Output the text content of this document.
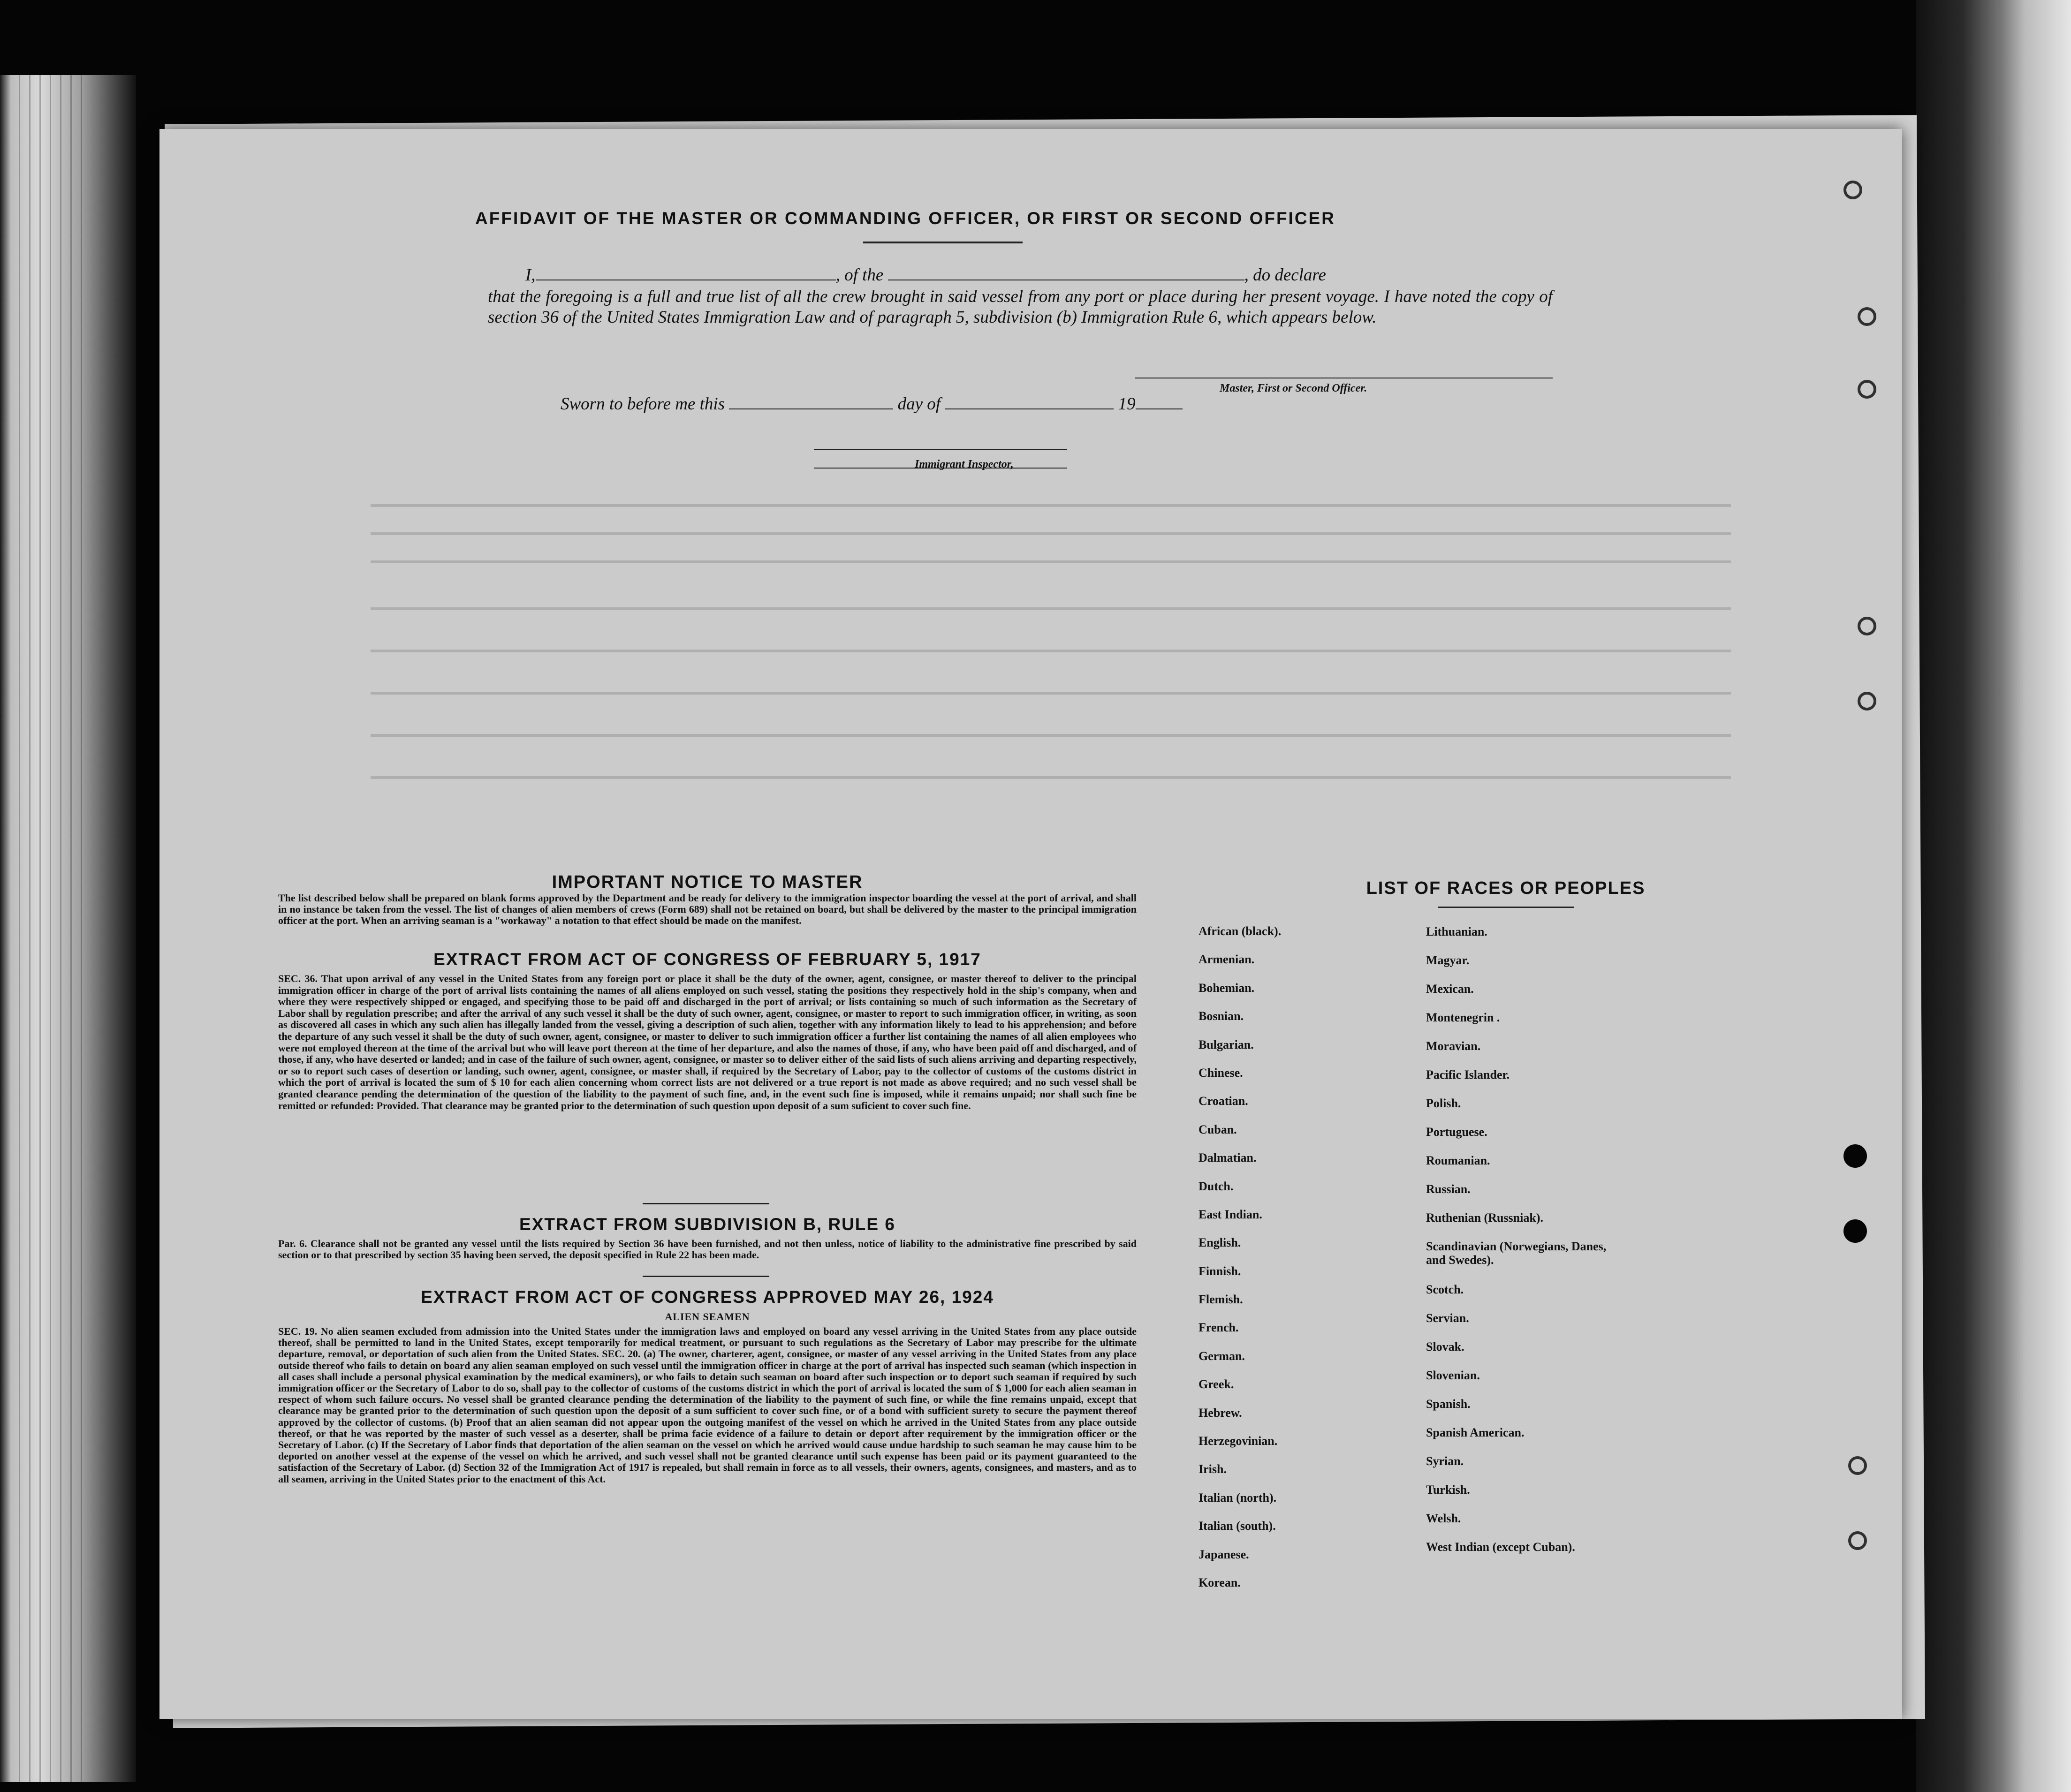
AFFIDAVIT OF THE MASTER OR COMMANDING OFFICER, OR FIRST OR SECOND OFFICER
I,	, of the	, do declare
that the foregoing is a full and true list of all the crew brought in said vessel from any port or place during her present voyage. I have noted the copy of section 36 of the United States Immigration Law and of paragraph 5, subdivision (b) Immigration Rule 6, which appears below.
Master, First or Second Officer.
Sworn to before me this	day of	19
Immigrant Inspector,
IMPORTANT NOTICE TO MASTER
The list described below shall be prepared on blank forms approved by the Department and be ready for delivery to the immigration inspector boarding the vessel at the port of arrival, and shall in no instance be taken from the vessel. The list of changes of alien members of crews (Form 689) shall not be retained on board, but shall be delivered by the master to the principal immigration officer at the port. When an arriving seaman is a "workaway" a notation to that effect should be made on the manifest.
EXTRACT FROM ACT OF CONGRESS OF FEBRUARY 5, 1917
SEC. 36. That upon arrival of any vessel in the United States from any foreign port or place it shall be the duty of the owner, agent, consignee, or master thereof to deliver to the principal immigration officer in charge of the port of arrival lists containing the names of all aliens employed on such vessel, stating the positions they respectively hold in the ship's company, when and where they were respectively shipped or engaged, and specifying those to be paid off and discharged in the port of arrival; or lists containing so much of such information as the Secretary of Labor shall by regulation prescribe; and after the arrival of any such vessel it shall be the duty of such owner, agent, consignee, or master to report to such immigration officer, in writing, as soon as discovered all cases in which any such alien has illegally landed from the vessel, giving a description of such alien, together with any information likely to lead to his apprehension; and before the departure of any such vessel it shall be the duty of such owner, agent, consignee, or master to deliver to such immigration officer a further list containing the names of all alien employees who were not employed thereon at the time of the arrival but who will leave port thereon at the time of her departure, and also the names of those, if any, who have been paid off and discharged, and of those, if any, who have deserted or landed; and in case of the failure of such owner, agent, consignee, or master so to deliver either of the said lists of such aliens arriving and departing respectively, or so to report such cases of desertion or landing, such owner, agent, consignee, or master shall, if required by the Secretary of Labor, pay to the collector of customs of the customs district in which the port of arrival is located the sum of $ 10 for each alien concerning whom correct lists are not delivered or a true report is not made as above required; and no such vessel shall be granted clearance pending the determination of the question of the liability to the payment of such fine, and, in the event such fine is imposed, while it remains unpaid; nor shall such fine be remitted or refunded: Provided. That clearance may be granted prior to the determination of such question upon deposit of a sum suficient to cover such fine.
EXTRACT FROM SUBDIVISION B, RULE 6
Par. 6. Clearance shall not be granted any vessel until the lists required by Section 36 have been furnished, and not then unless, notice of liability to the administrative fine prescribed by said section or to that prescribed by section 35 having been served, the deposit specified in Rule 22 has been made.
EXTRACT FROM ACT OF CONGRESS APPROVED MAY 26, 1924
ALIEN SEAMEN
SEC. 19. No alien seamen excluded from admission into the United States under the immigration laws and employed on board any vessel arriving in the United States from any place outside thereof, shall be permitted to land in the United States, except temporarily for medical treatment, or pursuant to such regulations as the Secretary of Labor may prescribe for the ultimate departure, removal, or deportation of such alien from the United States. SEC. 20. (a) The owner, charterer, agent, consignee, or master of any vessel arriving in the United States from any place outside thereof who fails to detain on board any alien seaman employed on such vessel until the immigration officer in charge at the port of arrival has inspected such seaman (which inspection in all cases shall include a personal physical examination by the medical examiners), or who fails to detain such seaman on board after such inspection or to deport such seaman if required by such immigration officer or the Secretary of Labor to do so, shall pay to the collector of customs of the customs district in which the port of arrival is located the sum of $ 1,000 for each alien seaman in respect of whom such failure occurs. No vessel shall be granted clearance pending the determination of the liability to the payment of such fine, or while the fine remains unpaid, except that clearance may be granted prior to the determination of such question upon the deposit of a sum sufficient to cover such fine, or of a bond with sufficient surety to secure the payment thereof approved by the collector of customs. (b) Proof that an alien seaman did not appear upon the outgoing manifest of the vessel on which he arrived in the United States from any place outside thereof, or that he was reported by the master of such vessel as a deserter, shall be prima facie evidence of a failure to detain or deport after requirement by the immigration officer or the Secretary of Labor. (c) If the Secretary of Labor finds that deportation of the alien seaman on the vessel on which he arrived would cause undue hardship to such seaman he may cause him to be deported on another vessel at the expense of the vessel on which he arrived, and such vessel shall not be granted clearance until such expense has been paid or its payment guaranteed to the satisfaction of the Secretary of Labor. (d) Section 32 of the Immigration Act of 1917 is repealed, but shall remain in force as to all vessels, their owners, agents, consignees, and masters, and as to all seamen, arriving in the United States prior to the enactment of this Act.
LIST OF RACES OR PEOPLES
African (black).
Armenian.
Bohemian.
Bosnian.
Bulgarian.
Chinese.
Croatian.
Cuban.
Dalmatian.
Dutch.
East Indian.
English.
Finnish.
Flemish.
French.
German.
Greek.
Hebrew.
Herzegovinian.
Irish.
Italian (north).
Italian (south).
Japanese.
Korean.
Lithuanian.
Magyar.
Mexican.
Montenegrin .
Moravian.
Pacific Islander.
Polish.
Portuguese.
Roumanian.
Russian.
Ruthenian (Russniak).
Scandinavian (Norwegians, Danes, and Swedes).
Scotch.
Servian.
Slovak.
Slovenian.
Spanish.
Spanish American.
Syrian.
Turkish.
Welsh.
West Indian (except Cuban).
